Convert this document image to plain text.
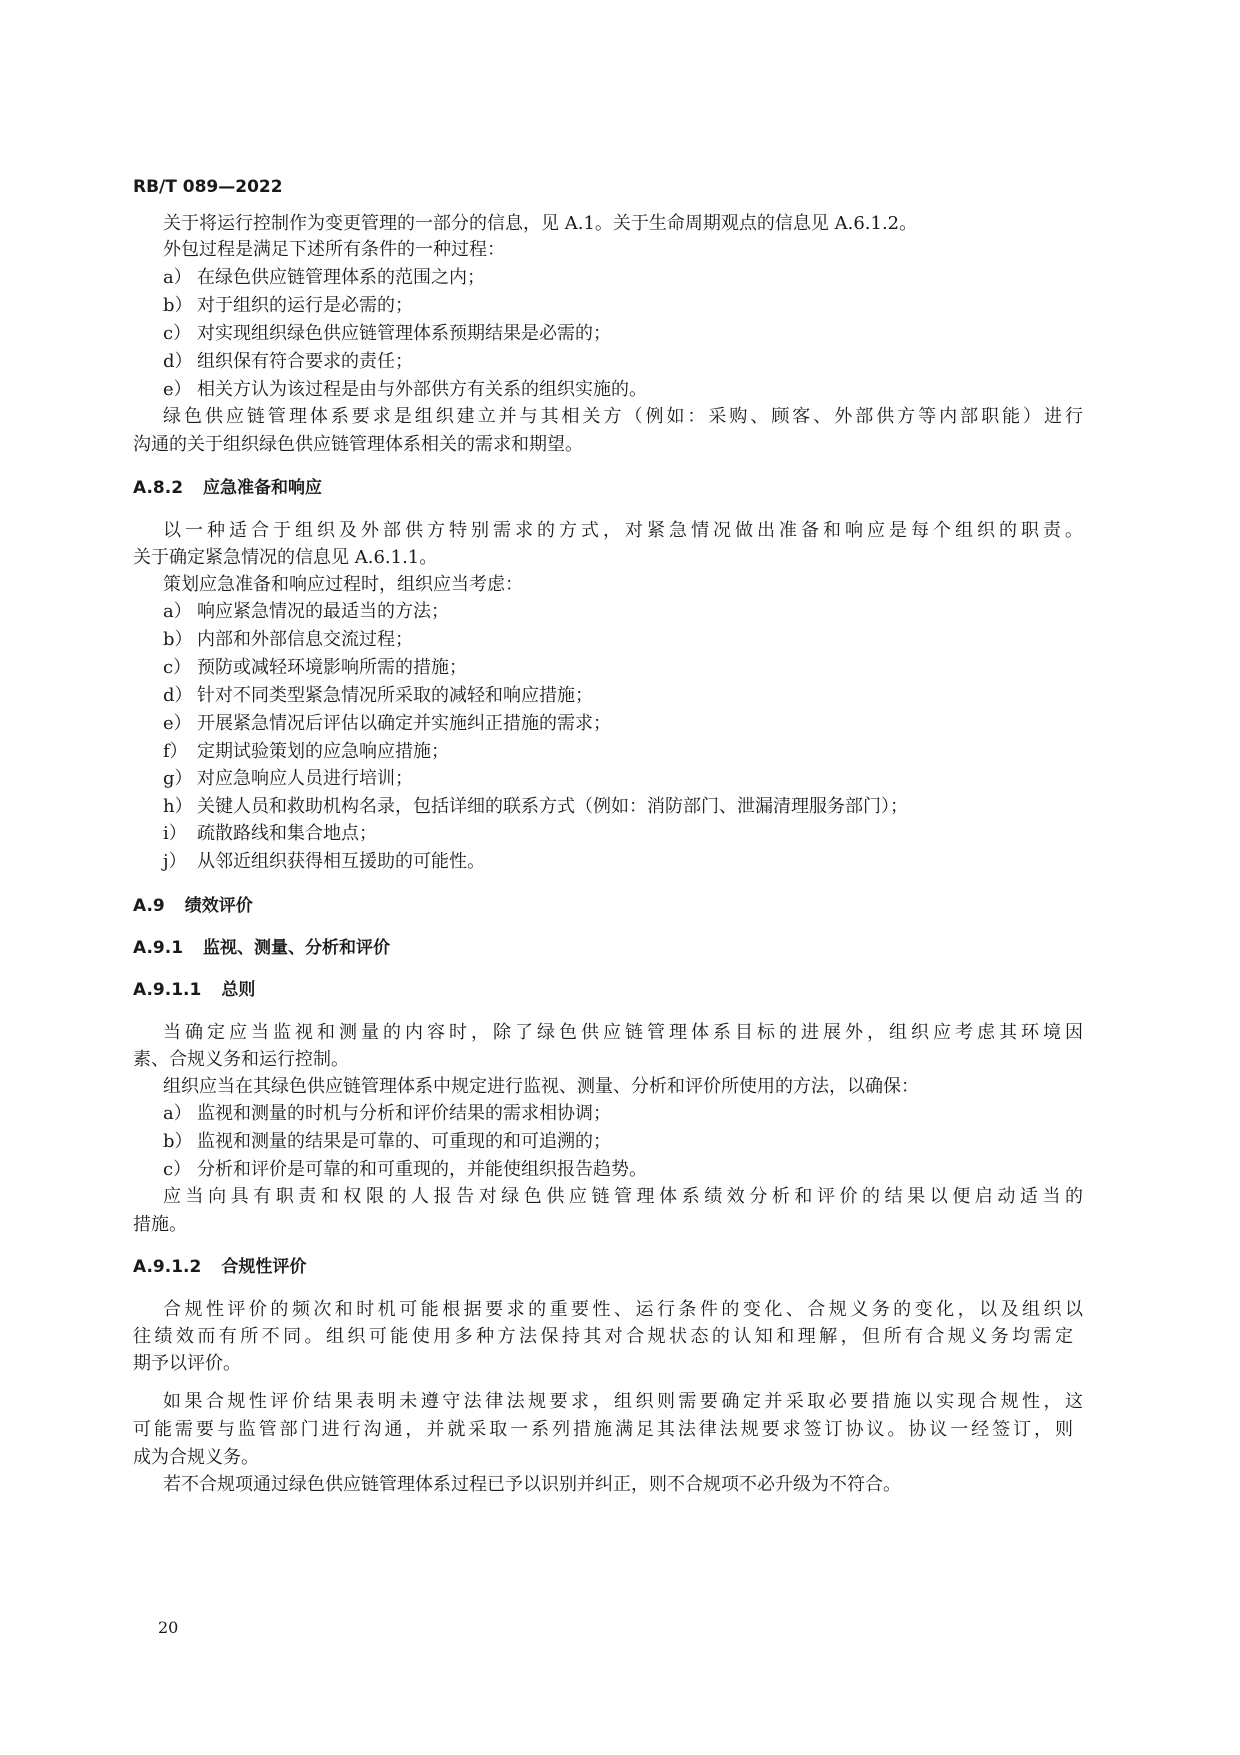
RB/T 089—2022

关于将运行控制作为变更管理的一部分的信息，见 A.1。关于生命周期观点的信息见 A.6.1.2。

外包过程是满足下述所有条件的一种过程：

a） 在绿色供应链管理体系的范围之内；

b） 对于组织的运行是必需的；

c） 对实现组织绿色供应链管理体系预期结果是必需的；

d） 组织保有符合要求的责任；

e） 相关方认为该过程是由与外部供方有关系的组织实施的。

绿色供应链管理体系要求是组织建立并与其相关方（例如：采购、顾客、外部供方等内部职能）进行

沟通的关于组织绿色供应链管理体系相关的需求和期望。

A.8.2 应急准备和响应

以一种适合于组织及外部供方特别需求的方式，对紧急情况做出准备和响应是每个组织的职责。

关于确定紧急情况的信息见 A.6.1.1。

策划应急准备和响应过程时，组织应当考虑：

a） 响应紧急情况的最适当的方法；

b） 内部和外部信息交流过程；

c） 预防或减轻环境影响所需的措施；

d） 针对不同类型紧急情况所采取的减轻和响应措施；

e） 开展紧急情况后评估以确定并实施纠正措施的需求；

f） 定期试验策划的应急响应措施；

g） 对应急响应人员进行培训；

h） 关键人员和救助机构名录，包括详细的联系方式（例如：消防部门、泄漏清理服务部门）；

i） 疏散路线和集合地点；

j） 从邻近组织获得相互援助的可能性。

A.9 绩效评价

A.9.1 监视、测量、分析和评价

A.9.1.1 总则

当确定应当监视和测量的内容时，除了绿色供应链管理体系目标的进展外，组织应考虑其环境因

素、合规义务和运行控制。

组织应当在其绿色供应链管理体系中规定进行监视、测量、分析和评价所使用的方法，以确保：

a） 监视和测量的时机与分析和评价结果的需求相协调；

b） 监视和测量的结果是可靠的、可重现的和可追溯的；

c） 分析和评价是可靠的和可重现的，并能使组织报告趋势。

应当向具有职责和权限的人报告对绿色供应链管理体系绩效分析和评价的结果以便启动适当的

措施。

A.9.1.2 合规性评价

合规性评价的频次和时机可能根据要求的重要性、运行条件的变化、合规义务的变化，以及组织以

往绩效而有所不同。组织可能使用多种方法保持其对合规状态的认知和理解，但所有合规义务均需定

期予以评价。

如果合规性评价结果表明未遵守法律法规要求，组织则需要确定并采取必要措施以实现合规性，这

可能需要与监管部门进行沟通，并就采取一系列措施满足其法律法规要求签订协议。协议一经签订，则

成为合规义务。

若不合规项通过绿色供应链管理体系过程已予以识别并纠正，则不合规项不必升级为不符合。

20
